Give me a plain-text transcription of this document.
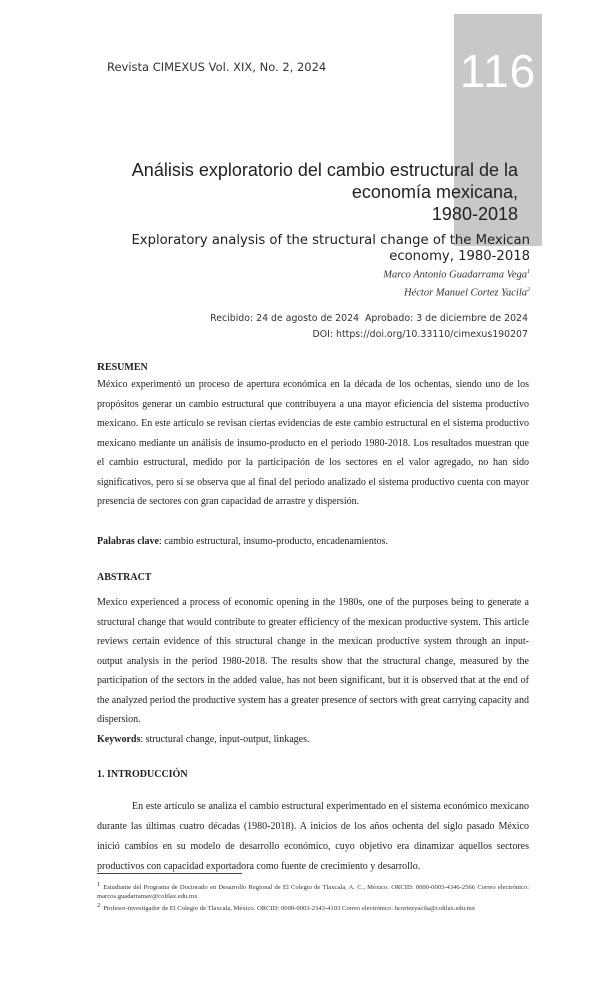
116
Revista CIMEXUS Vol. XIX, No. 2, 2024
Análisis exploratorio del cambio estructural de la
economía mexicana,
1980-2018
Exploratory analysis of the structural change of the Mexican
economy, 1980-2018
Marco Antonio Guadarrama Vega$^1$
Héctor Manuel Cortez Yacila$^2$
Recibido: 24 de agosto de 2024  Aprobado: 3 de diciembre de 2024
DOI: https://doi.org/10.33110/cimexus190207
RESUMEN

México experimentó un proceso de apertura económica en la década de los ochentas, siendo uno de los propósitos generar un cambio estructural que contribuyera a una mayor eficiencia del sistema productivo mexicano. En este artículo se revisan ciertas evidencias de este cambio estructural en el sistema productivo mexicano mediante un análisis de insumo-producto en el periodo 1980-2018. Los resultados muestran que el cambio estructural, medido por la participación de los sectores en el valor agregado, no han sido significativos, pero si se observa que al final del periodo analizado el sistema productivo cuenta con mayor presencia de sectores con gran capacidad de arrastre y dispersión.

Palabras clave: cambio estructural, insumo-producto, encadenamientos.
ABSTRACT

Mexico experienced a process of economic opening in the 1980s, one of the purposes being to generate a structural change that would contribute to greater efficiency of the mexican productive system. This article reviews certain evidence of this structural change in the mexican productive system through an input-output analysis in the period 1980-2018. The results show that the structural change, measured by the participation of the sectors in the added value, has not been significant, but it is observed that at the end of the analyzed period the productive system has a greater presence of sectors with great carrying capacity and dispersion.

Keywords: structural change, input-output, linkages.
1. INTRODUCCIÓN

En este artículo se analiza el cambio estructural experimentado en el sistema económico mexicano durante las últimas cuatro décadas (1980-2018). A inicios de los años ochenta del siglo pasado México inició cambios en su modelo de desarrollo económico, cuyo objetivo era dinamizar aquellos sectores productivos con capacidad exportadora como fuente de crecimiento y desarrollo.

$^1$ Estudiante del Programa de Doctorado en Desarrollo Regional de El Colegio de Tlaxcala, A. C., México. ORCID: 0000-0003-4346-2566 Correo electrónico: marcos.guadarramav@coltlax.edu.mx

$^2$ Profesor-investigador de El Colegio de Tlaxcala, México. ORCID: 0000-0003-2343-4103 Correo electrónico: hcortezyacila@coltlax.edu.mx
